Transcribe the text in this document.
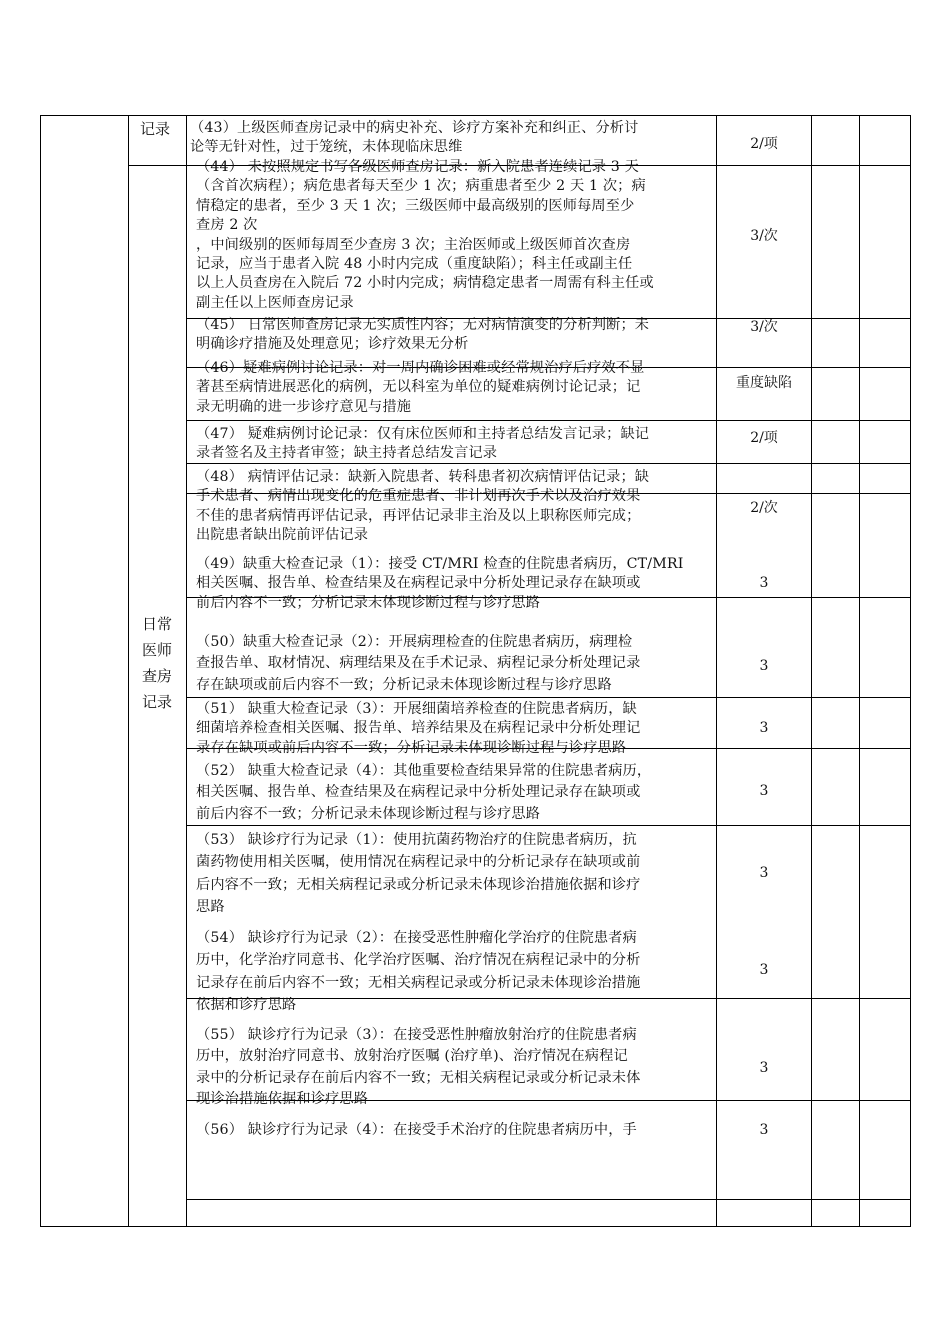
记录
日常
医师
查房
记录
（43）上级医师查房记录中的病史补充、诊疗方案补充和纠正、分析讨
论等无针对性，过于笼统，未体现临床思维	2/项
（44） 未按照规定书写各级医师查房记录：新入院患者连续记录 3 天
（含首次病程）；病危患者每天至少 1 次；病重患者至少 2 天 1 次；病
情稳定的患者，至少 3 天 1 次；三级医师中最高级别的医师每周至少
查房 2 次
，中间级别的医师每周至少查房 3 次；主治医师或上级医师首次查房
记录，应当于患者入院 48 小时内完成（重度缺陷）；科主任或副主任
以上人员查房在入院后 72 小时内完成；病情稳定患者一周需有科主任或
副主任以上医师查房记录
3/次
（45） 日常医师查房记录无实质性内容；无对病情演变的分析判断；未
明确诊疗措施及处理意见；诊疗效果无分析
3/次
（46）疑难病例讨论记录：对一周内确诊困难或经常规治疗后疗效不显
著甚至病情进展恶化的病例，无以科室为单位的疑难病例讨论记录；记
录无明确的进一步诊疗意见与措施
重度缺陷
（47） 疑难病例讨论记录：仅有床位医师和主持者总结发言记录；缺记
录者签名及主持者审签；缺主持者总结发言记录
2/项
（48） 病情评估记录：缺新入院患者、转科患者初次病情评估记录；缺
手术患者、病情出现变化的危重症患者、非计划再次手术以及治疗效果
不佳的患者病情再评估记录，再评估记录非主治及以上职称医师完成；
出院患者缺出院前评估记录
2/次
（49）缺重大检查记录（1）：接受 CT/MRI 检查的住院患者病历，CT/MRI
相关医嘱、报告单、检查结果及在病程记录中分析处理记录存在缺项或
前后内容不一致；分析记录未体现诊断过程与诊疗思路
3
（50）缺重大检查记录（2）：开展病理检查的住院患者病历，病理检
查报告单、取材情况、病理结果及在手术记录、病程记录分析处理记录
存在缺项或前后内容不一致；分析记录未体现诊断过程与诊疗思路
3
（51） 缺重大检查记录（3）：开展细菌培养检查的住院患者病历，缺
细菌培养检查相关医嘱、报告单、培养结果及在病程记录中分析处理记
录存在缺项或前后内容不一致；分析记录未体现诊断过程与诊疗思路
3
（52） 缺重大检查记录（4）：其他重要检查结果异常的住院患者病历，
相关医嘱、报告单、检查结果及在病程记录中分析处理记录存在缺项或
前后内容不一致；分析记录未体现诊断过程与诊疗思路
3
（53） 缺诊疗行为记录（1）：使用抗菌药物治疗的住院患者病历，抗
菌药物使用相关医嘱，使用情况在病程记录中的分析记录存在缺项或前
后内容不一致；无相关病程记录或分析记录未体现诊治措施依据和诊疗
思路
3
（54） 缺诊疗行为记录（2）：在接受恶性肿瘤化学治疗的住院患者病
历中，化学治疗同意书、化学治疗医嘱、治疗情况在病程记录中的分析
记录存在前后内容不一致；无相关病程记录或分析记录未体现诊治措施
依据和诊疗思路
3
（55） 缺诊疗行为记录（3）：在接受恶性肿瘤放射治疗的住院患者病
历中，放射治疗同意书、放射治疗医嘱 (治疗单)、治疗情况在病程记
录中的分析记录存在前后内容不一致；无相关病程记录或分析记录未体
现诊治措施依据和诊疗思路
3
（56） 缺诊疗行为记录（4）：在接受手术治疗的住院患者病历中，手	3
